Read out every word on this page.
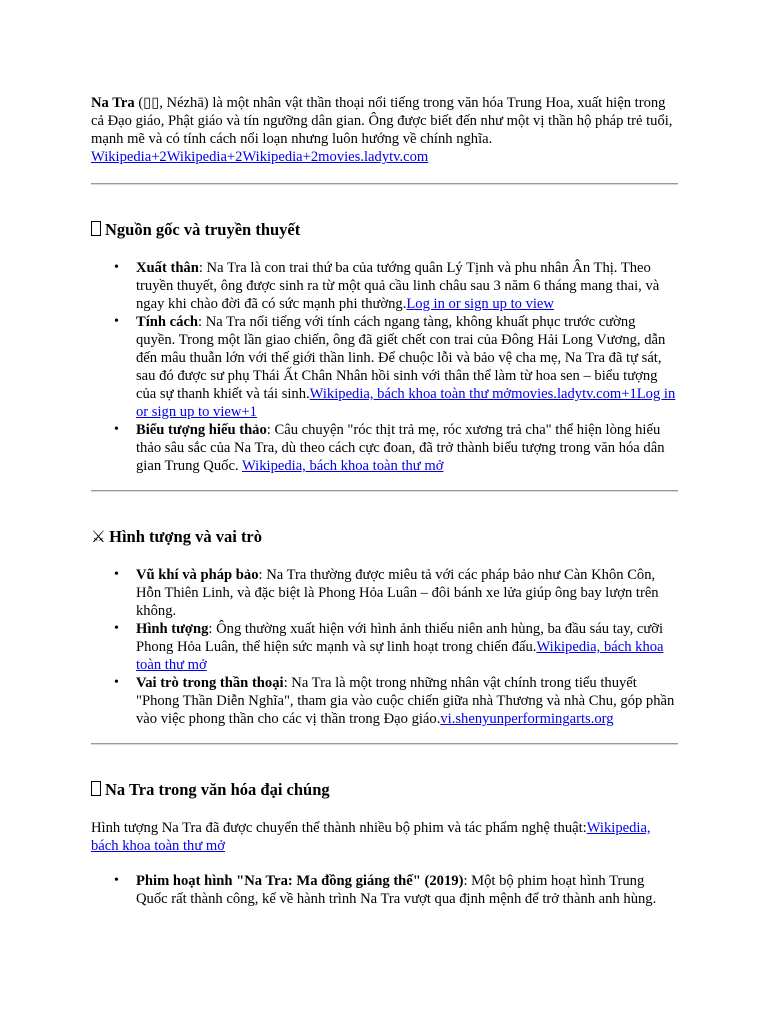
Na Tra (▯▯, Nézhā) là một nhân vật thần thoại nổi tiếng trong văn hóa Trung Hoa, xuất hiện trong cả Đạo giáo, Phật giáo và tín ngưỡng dân gian. Ông được biết đến như một vị thần hộ pháp trẻ tuổi, mạnh mẽ và có tính cách nổi loạn nhưng luôn hướng về chính nghĩa.
Wikipedia+2Wikipedia+2Wikipedia+2movies.ladytv.com

Nguồn gốc và truyền thuyết
• Xuất thân: Na Tra là con trai thứ ba của tướng quân Lý Tịnh và phu nhân Ân Thị. Theo truyền thuyết, ông được sinh ra từ một quả cầu linh châu sau 3 năm 6 tháng mang thai, và ngay khi chào đời đã có sức mạnh phi thường.Log in or sign up to view
• Tính cách: Na Tra nổi tiếng với tính cách ngang tàng, không khuất phục trước cường quyền. Trong một lần giao chiến, ông đã giết chết con trai của Đông Hải Long Vương, dẫn đến mâu thuẫn lớn với thế giới thần linh. Để chuộc lỗi và bảo vệ cha mẹ, Na Tra đã tự sát, sau đó được sư phụ Thái Ất Chân Nhân hồi sinh với thân thể làm từ hoa sen – biểu tượng của sự thanh khiết và tái sinh.Wikipedia, bách khoa toàn thư mởmovies.ladytv.com+1Log in or sign up to view+1
• Biểu tượng hiếu thảo: Câu chuyện "róc thịt trả mẹ, róc xương trả cha" thể hiện lòng hiếu thảo sâu sắc của Na Tra, dù theo cách cực đoan, đã trở thành biểu tượng trong văn hóa dân gian Trung Quốc. Wikipedia, bách khoa toàn thư mở
⚔ Hình tượng và vai trò
• Vũ khí và pháp bảo: Na Tra thường được miêu tả với các pháp bảo như Càn Khôn Côn, Hỗn Thiên Linh, và đặc biệt là Phong Hỏa Luân – đôi bánh xe lửa giúp ông bay lượn trên không.
• Hình tượng: Ông thường xuất hiện với hình ảnh thiếu niên anh hùng, ba đầu sáu tay, cưỡi Phong Hỏa Luân, thể hiện sức mạnh và sự linh hoạt trong chiến đấu.Wikipedia, bách khoa toàn thư mở
• Vai trò trong thần thoại: Na Tra là một trong những nhân vật chính trong tiểu thuyết "Phong Thần Diễn Nghĩa", tham gia vào cuộc chiến giữa nhà Thương và nhà Chu, góp phần vào việc phong thần cho các vị thần trong Đạo giáo.vi.shenyunperformingarts.org
Na Tra trong văn hóa đại chúng

Hình tượng Na Tra đã được chuyển thể thành nhiều bộ phim và tác phẩm nghệ thuật:Wikipedia, bách khoa toàn thư mở

• Phim hoạt hình "Na Tra: Ma đồng giáng thế" (2019): Một bộ phim hoạt hình Trung Quốc rất thành công, kể về hành trình Na Tra vượt qua định mệnh để trở thành anh hùng.
